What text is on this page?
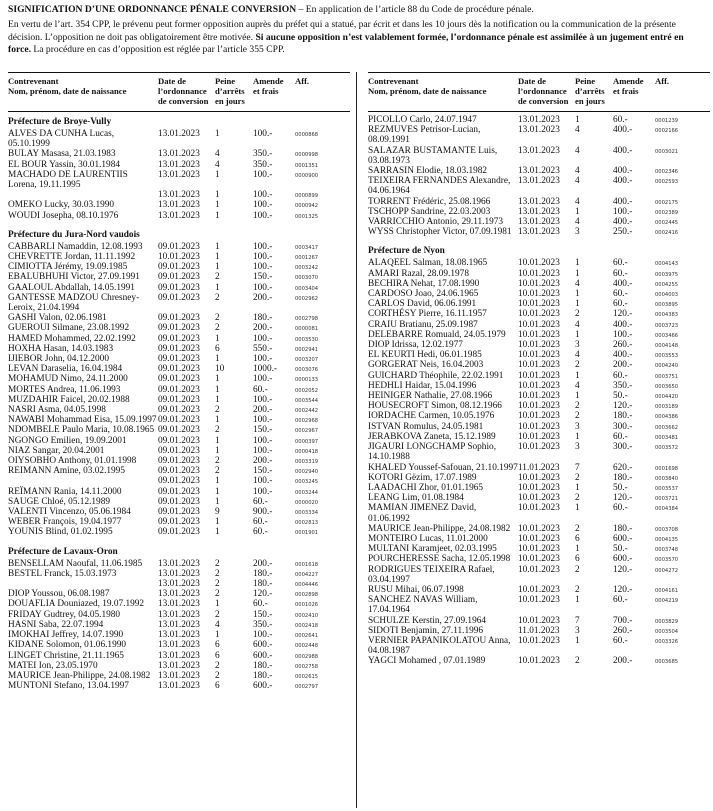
SIGNIFICATION D’UNE ORDONNANCE PÉNALE CONVERSION – En application de l’article 88 du Code de procédure pénale.

En vertu de l’art. 354 CPP, le prévenu peut former opposition auprès du préfet qui a statué, par écrit et dans les 10 jours dès la notification ou la communication de la présente décision. L’opposition ne doit pas obligatoirement être motivée. Si aucune opposition n’est valablement formée, l’ordonnance pénale est assimilée à un jugement entré en force. La procédure en cas d’opposition est réglée par l’article 355 CPP.

Contrevenant
Nom, prénom, date de naissance
Date de
l’ordonnance
de conversion
Peine
d’arrêts
en jours
Amende
et frais
Aff.
Préfecture de Broye-Vully
ALVES DA CUNHA Lucas, 05.10.1999
13.01.2023 1	100.-	0000868
BULAY Masasa, 21.03.1983	13.01.2023 4	350.-	0000998
EL BOUR Yassin, 30.01.1984	13.01.2023 4	350.-	0001351
MACHADO DE LAURENTIIS Lorena, 19.11.1995
13.01.2023 1	100.-	0000900
13.01.2023 1	100.-	0000899
OMEKO Lucky, 30.03.1990	13.01.2023 1	100.-	0000942
WOUDI Josepha, 08.10.1976	13.01.2023 1	100.-	0001325
Préfecture du Jura-Nord vaudois
CABBARLI Namaddin, 12.08.1993	09.01.2023 1	100.-	0003417
CHEVRETTE Jordan, 11.11.1992	10.01.2023 1	100.-	0001267
CIMIOTTA Jérémy, 19.09.1985	09.01.2023 1	100.-	0003242
EBALUBHUHI Victor, 27.09.1991	09.01.2023 2	150.-	0003070
GAALOUL Abdallah, 14.05.1991	09.01.2023 1	100.-	0003404
GANTESSE MADZOU Chresney-Leroix, 21.04.1994
09.01.2023 2	200.-	0002962
GASHI Valon, 02.06.1981	09.01.2023 2	180.-	0002798
GUEROUI Silmane, 23.08.1992	09.01.2023 2	200.-	0000081
HAMED Mohammed, 22.02.1992	09.01.2023 1	100.-	0003530
HOXHA Hasan, 14.03.1983	09.01.2023 6	550.-	0002941
IJIEBOR John, 04.12.2000	09.01.2023 1	100.-	0003207
LEVAN Daraselia, 16.04.1984	09.01.2023 10	1000.-	0003076
MOHAMUD Nimo, 24.11.2000	09.01.2023 1	100.-	0000133
MORTES Andrea, 11.06.1993	09.01.2023 1	60.-	0002052
MUZDAHIR Faicel, 20.02.1988	09.01.2023 1	100.-	0003544
NASRI Asma, 04.05.1998	09.01.2023 2	200.-	0002442
NAWABI Mohammad Eisa, 15.09.1997 09.01.2023 1	100.-	0002968
NDOMBELE Paulo Maria, 10.08.1965 09.01.2023 2	150.-	0002967
NGONGO Emilien, 19.09.2001	09.01.2023 1	100.-	0000397
NIAZ Sangar, 20.04.2001	09.01.2023 1	100.-	0000418
OIYSOBHO Anthony, 01.01.1998	09.01.2023 2	200.-	0003319
REIMANN Amine, 03.02.1995	09.01.2023 2	150.-	0002940
09.01.2023 1	100.-	0003245
REÏMANN Rania, 14.11.2000	09.01.2023 1	100.-	0003244
SAUGE Chloé, 05.12.1989	09.01.2023 1	60.-	0000020
VALENTI Vincenzo, 05.06.1984	09.01.2023 9	900.-	0003334
WEBER François, 19.04.1977	09.01.2023 1	60.-	0002813
YOUNIS Blind, 01.02.1995	09.01.2023 1	60.-	0001901
Préfecture de Lavaux-Oron
BENSELLAM Naoufal, 11.06.1985	13.01.2023 2	200.-	0001618
BESTEL Franck, 15.03.1973	13.01.2023 2	180.-	0004227
13.01.2023 2	180.-	0004446
DIOP Youssou, 06.08.1987	13.01.2023 2	120.-	0002898
DOUAFLIA Douniazed, 19.07.1992	13.01.2023 1	60.-	0001026
FRIDAY Gudtrey, 04.05.1980	13.01.2023 2	150.-	0002410
HASNI Saba, 22.07.1994	13.01.2023 4	350.-	0002418
IMOKHAI Jeffrey, 14.07.1990	13.01.2023 1	100.-	0002641
KIDANE Solomon, 01.06.1990	13.01.2023 6	600.-	0002448
LINGET Christine, 21.11.1965	13.01.2023 6	600.-	0002988
MATEI Ion, 23.05.1970	13.01.2023 2	180.-	0002758
MAURICE Jean-Philippe, 24.08.1982 13.01.2023 2	180.-	0002615
MUNTONI Stefano, 13.04.1997	13.01.2023 6	600.-	0002797
Contrevenant
Nom, prénom, date de naissance
Date de
l’ordonnance
de conversion
Peine
d’arrêts
en jours
Amende
et frais
Aff.
PICOLLO Carlo, 24.07.1947	13.01.2023 1	60.-	0001239
REZMUVES Petrisor-Lucian, 08.09.1991
13.01.2023 4	400.-	0002166
SALAZAR BUSTAMANTE Luis, 03.08.1973
13.01.2023 4	400.-	0003021
SARRASIN Elodie, 18.03.1982	13.01.2023 4	400.-	0002346
TEIXEIRA FERNANDES Alexandre, 04.06.1964
13.01.2023 4	400.-	0002593
TORRENT Frédéric, 25.08.1966	13.01.2023 4	400.-	0002175
TSCHOPP Sandrine, 22.03.2003	13.01.2023 1	100.-	0002389
VARRICCHIO Antonio, 29.11.1973	13.01.2023 4	400.-	0002445
WYSS Christopher Victor, 07.09.1981 13.01.2023 3	250.-	0002416
Préfecture de Nyon
ALAQEEL Salman, 18.08.1965	10.01.2023 1	60.-	0004143
AMARI Razal, 28.09.1978	10.01.2023 1	60.-	0003975
BECHIRA Nehat, 17.08.1990	10.01.2023 4	400.-	0004255
CARDOSO Joao, 24.06.1965	10.01.2023 1	60.-	0004003
CARLOS David, 06.06.1991	10.01.2023 1	60.-	0003895
CORTHÉSY Pierre, 16.11.1957	10.01.2023 2	120.-	0004383
CRAIU Bratianu, 25.09.1987	10.01.2023 4	400.-	0003723
DELEBARRE Romuald, 24.05.1979	10.01.2023 1	100.-	0003466
DIOP Idrissa, 12.02.1977	10.01.2023 3	260.-	0004148
EL KEURTI Hedi, 06.01.1985	10.01.2023 4	400.-	0003553
GORGERAT Neis, 16.04.2003	10.01.2023 2	200.-	0004240
GUICHARD Théophile, 22.02.1991	10.01.2023 1	60.-	0003751
HEDHLI Haidar, 15.04.1996	10.01.2023 4	350.-	0003650
HEINIGER Nathalie, 27.08.1966	10.01.2023 1	50.-	0004420
HOUSECROFT Simon, 08.12.1966	10.01.2023 2	120.-	0003189
IORDACHE Carmen, 10.05.1976	10.01.2023 2	180.-	0004386
ISTVAN Romulus, 24.05.1981	10.01.2023 3	300.-	0003662
JERABKOVA Zaneta, 15.12.1989	10.01.2023 1	60.-	0003481
JIGAURI LONGCHAMP Sophio, 14.10.1988
10.01.2023 3	300.-	0003572
KHALED Youssef-Safouan, 21.10.1997 11.01.2023 7	620.-	0001698
KOTORI Gëzim, 17.07.1989	10.01.2023 2	180.-	0003840
LAADACHI Zhor, 01.01.1965	10.01.2023 1	50.-	0003537
LEANG Lim, 01.08.1984	10.01.2023 2	120.-	0003721
MAMIAN JIMENEZ David, 01.06.1992
10.01.2023 1	60.-	0004384
MAURICE Jean-Philippe, 24.08.1982 10.01.2023 2	180.-	0003708
MONTEIRO Lucas, 11.01.2000	10.01.2023 6	600.-	0004135
MULTANI Karamjeet, 02.03.1995	10.01.2023 1	50.-	0003748
POURCHERESSE Sacha, 12.05.1998 10.01.2023 6	600.-	0003570
RODRIGUES TEIXEIRA Rafael, 03.04.1997
10.01.2023 2	120.-	0004272
RUSU Mihai, 06.07.1998	10.01.2023 2	120.-	0004161
SANCHEZ NAVAS William, 17.04.1964
10.01.2023 1	60.-	0004219
SCHULZE Kerstin, 27.09.1964	10.01.2023 7	700.-	0003829
SIDOTI Benjamin, 27.11.1996	11.01.2023 3	260.-	0003504
VERNIER PAPANIKOLATOU Anna, 04.08.1987
10.01.2023 1	60.-	0003326
YAGCI Mohamed , 07.01.1989	10.01.2023 2	200.-	0003685
